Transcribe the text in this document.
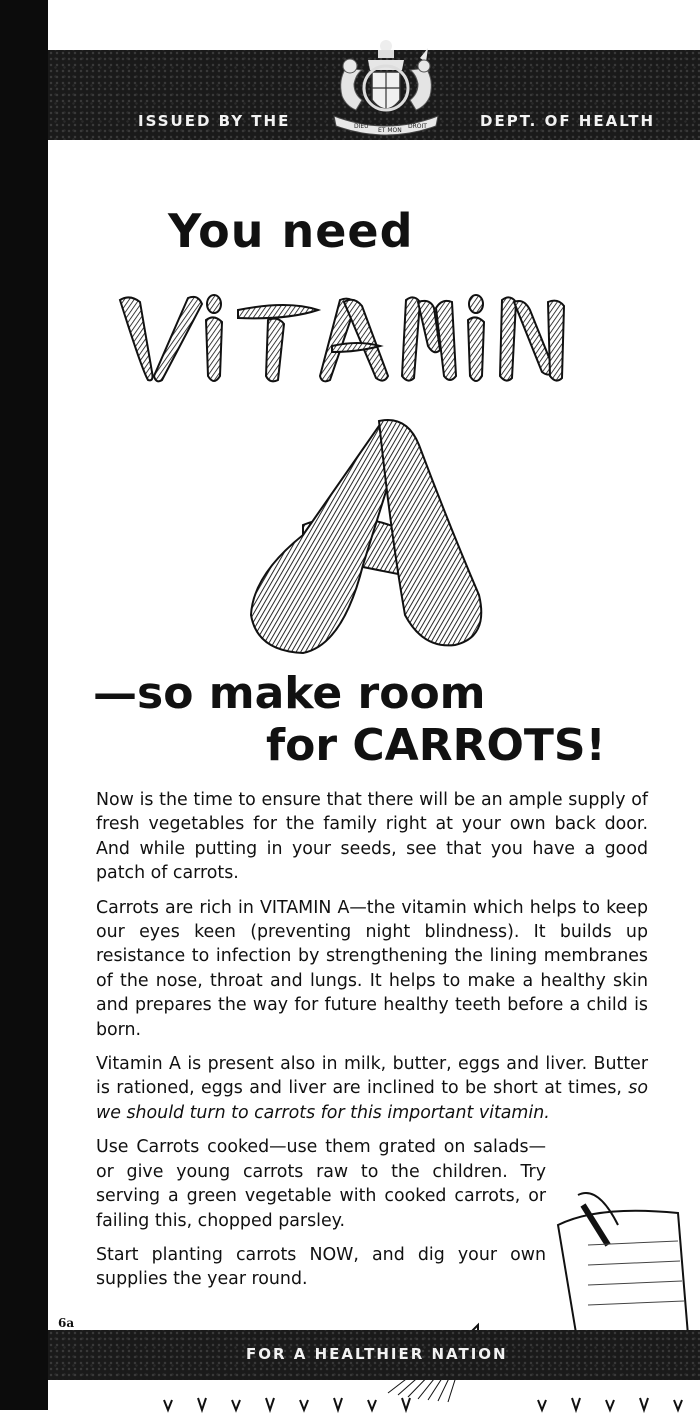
ISSUED BY THE	DEPT. OF HEALTH
DIEU
ET MON
DROIT
You need
A
—so make room
for CARROTS!

Now is the time to ensure that there will be an ample supply of fresh vegetables for the family right at your own back door. And while putting in your seeds, see that you have a good patch of carrots.

Carrots are rich in VITAMIN A—the vitamin which helps to keep our eyes keen (preventing night blindness). It builds up resistance to infection by strengthening the lining membranes of the nose, throat and lungs. It helps to make a healthy skin and prepares the way for future healthy teeth before a child is born.

Vitamin A is present also in milk, butter, eggs and liver. Butter is rationed, eggs and liver are inclined to be short at times, so we should turn to carrots for this important vitamin.

Use Carrots cooked—use them grated on salads— or give young carrots raw to the children. Try serving a green vegetable with cooked carrots, or failing this, chopped parsley.

Start planting carrots NOW, and dig your own supplies the year round.

FOR A HEALTHIER NATION
6a
